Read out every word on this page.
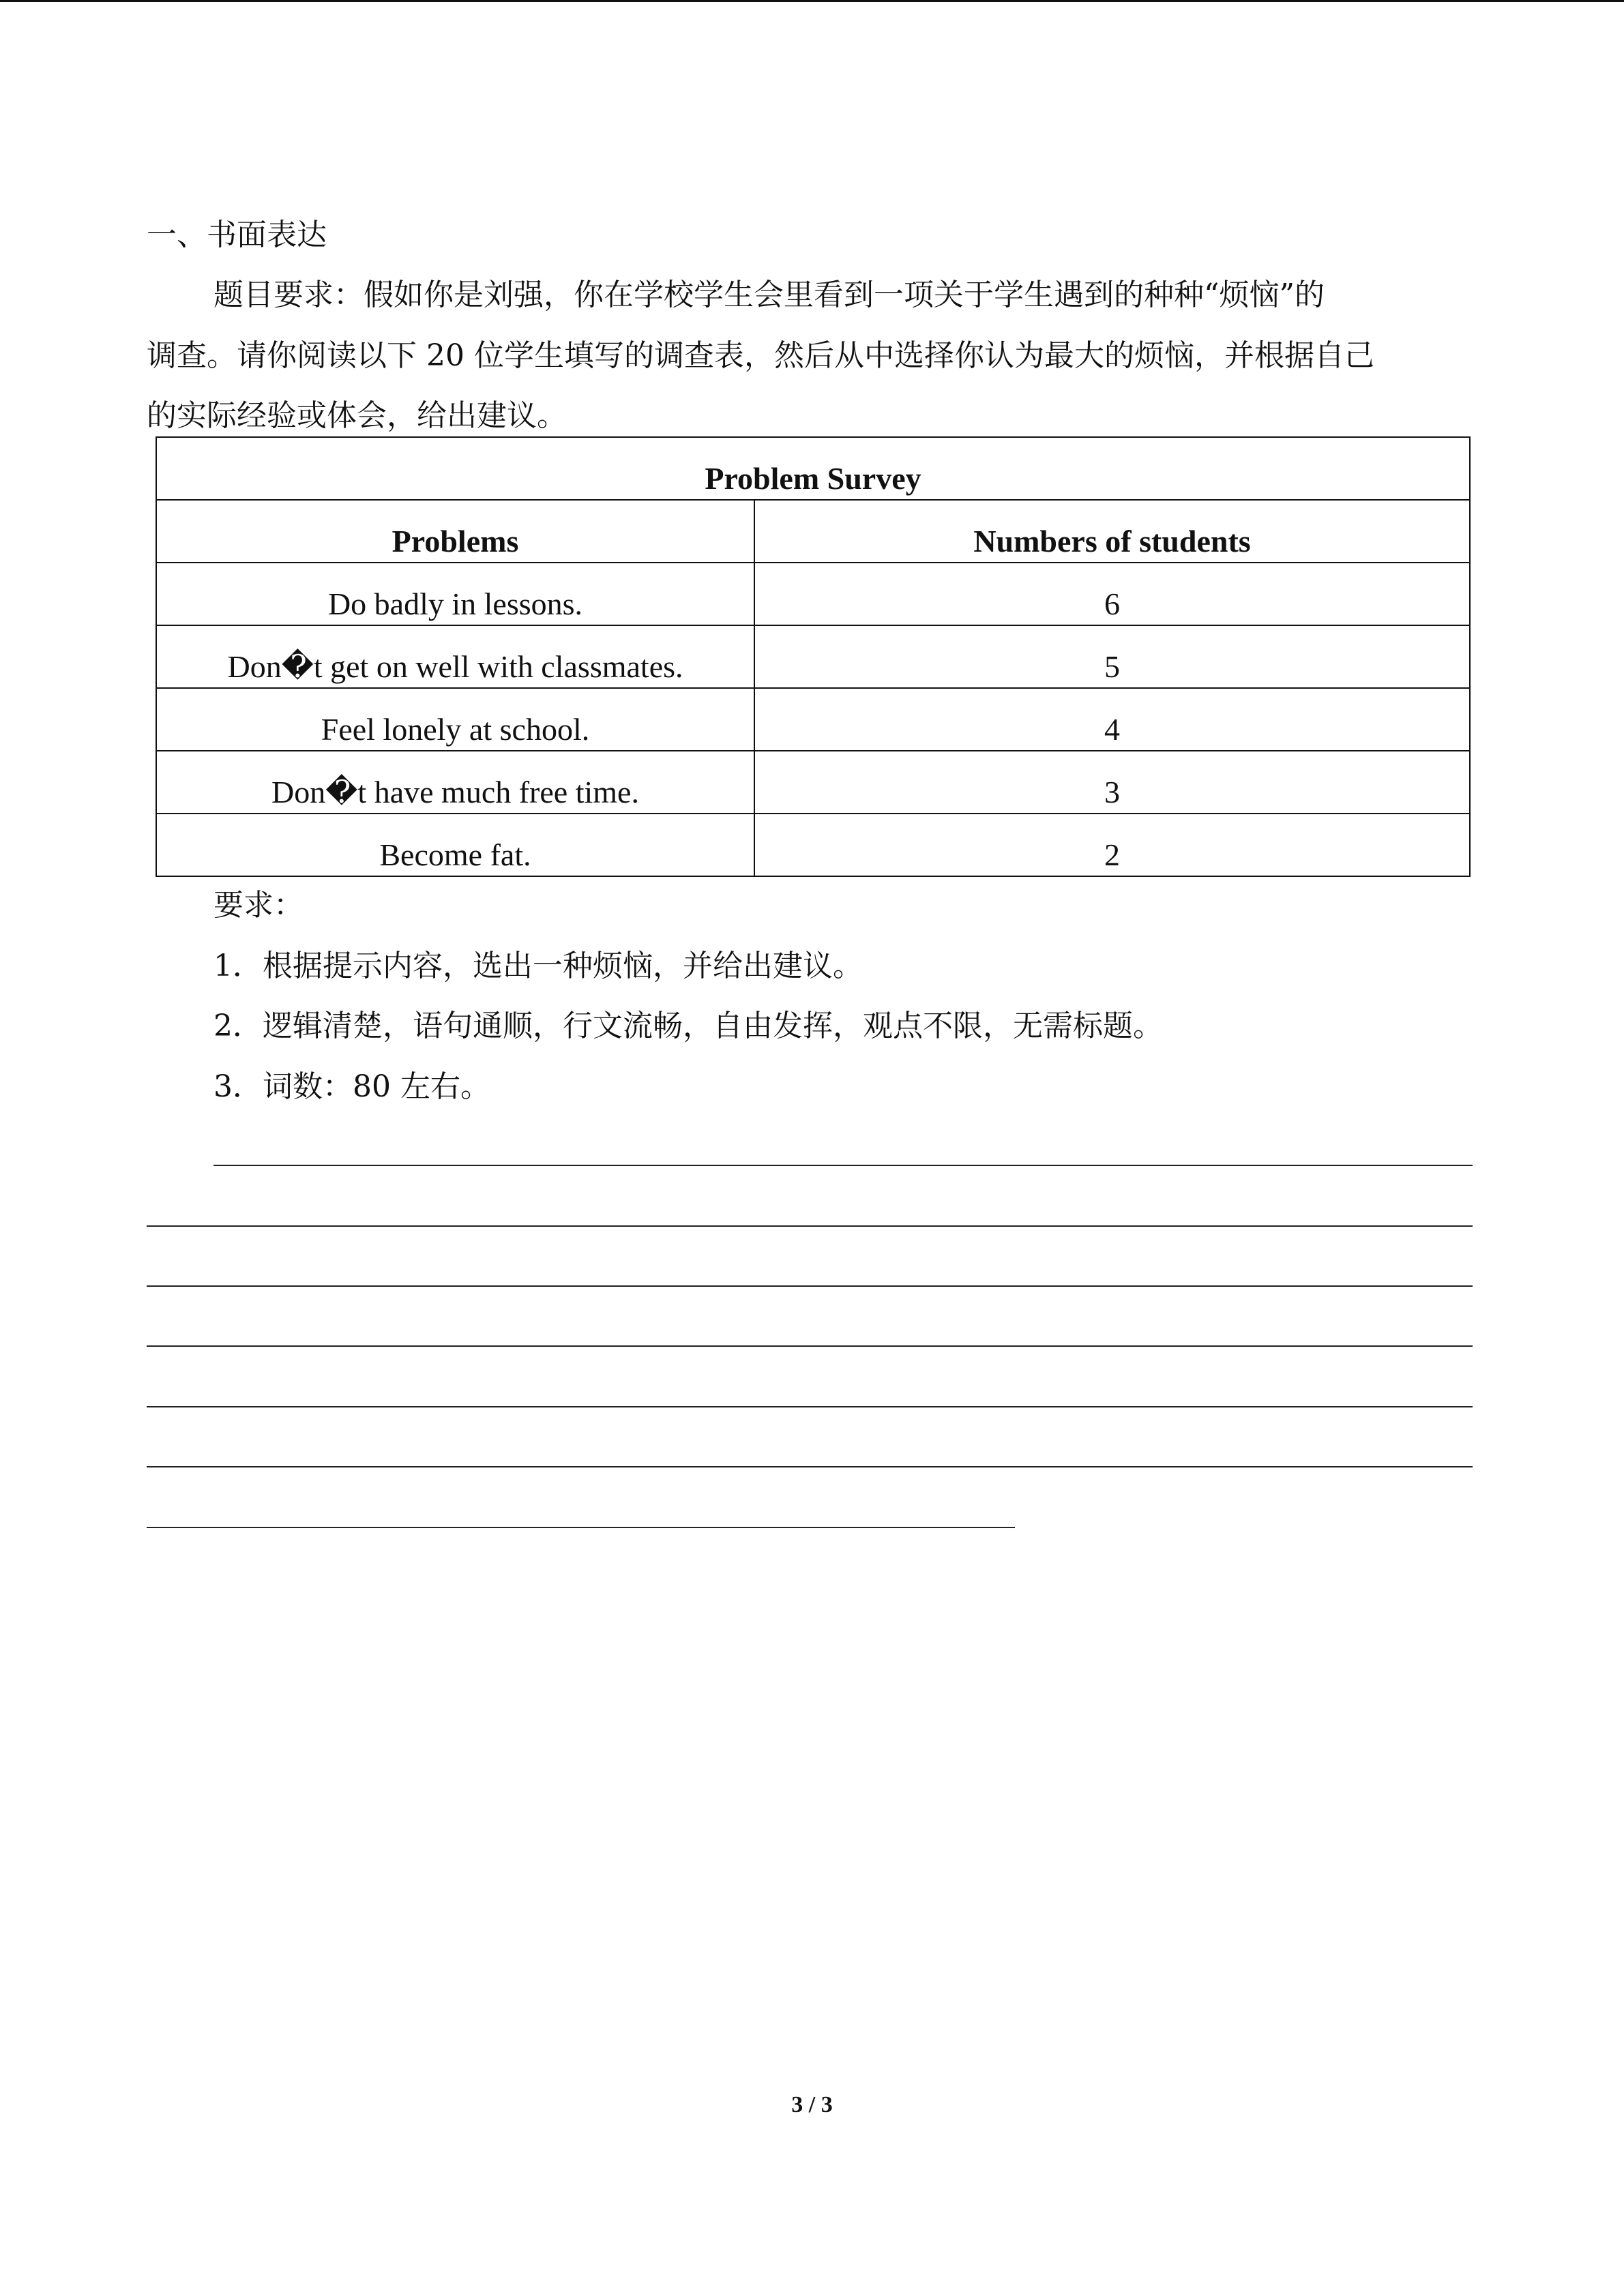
一、书面表达
题目要求：假如你是刘强，你在学校学生会里看到一项关于学生遇到的种种“烦恼”的
调查。请你阅读以下 20 位学生填写的调查表，然后从中选择你认为最大的烦恼，并根据自己
的实际经验或体会，给出建议。
Problem Survey	
Problems	Numbers of students
Do badly in lessons.	6
Don�t get on well with classmates.	5
Feel lonely at school.	4
Don�t have much free time.	3
Become fat.	2
要求：
1．根据提示内容，选出一种烦恼，并给出建议。
2．逻辑清楚，语句通顺，行文流畅，自由发挥，观点不限，无需标题。
3．词数：80 左右。
3 / 3
